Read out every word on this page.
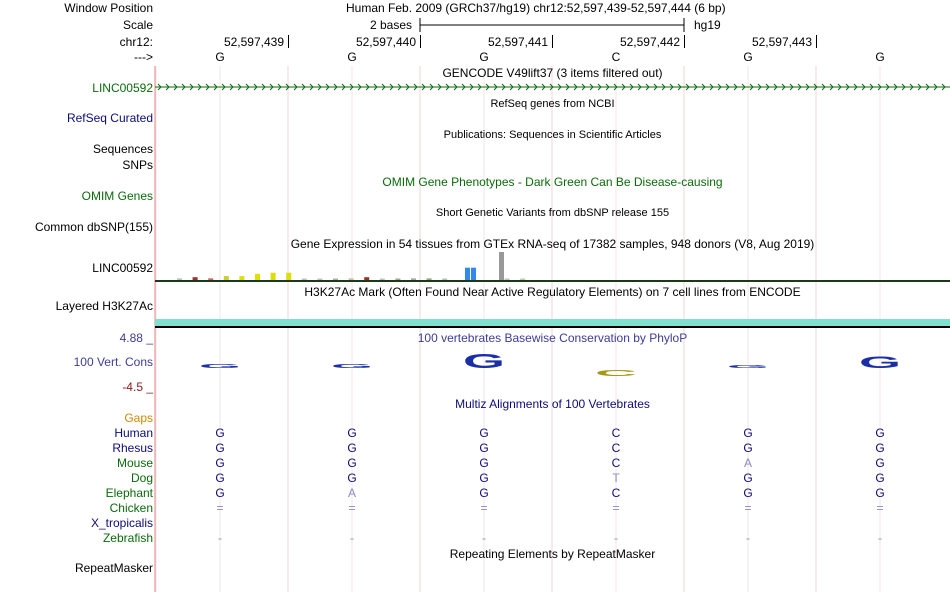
Window Position	Human Feb. 2009 (GRCh37/hg19) chr12:52,597,439-52,597,444 (6 bp)
Scale	2 bases	hg19
chr12:	52,597,439	52,597,440	52,597,441	52,597,442	52,597,443
--->	G	G	G	C	G	G
GENCODE V49lift37 (3 items filtered out)
LINC00592
RefSeq genes from NCBI
RefSeq Curated
Publications: Sequences in Scientific Articles
Sequences
SNPs
OMIM Gene Phenotypes - Dark Green Can Be Disease-causing
OMIM Genes
Short Genetic Variants from dbSNP release 155
Common dbSNP(155)
Gene Expression in 54 tissues from GTEx RNA-seq of 17382 samples, 948 donors (V8, Aug 2019)
LINC00592
H3K27Ac Mark (Often Found Near Active Regulatory Elements) on 7 cell lines from ENCODE
Layered H3K27Ac
100 vertebrates Basewise Conservation by PhyloP
4.88 _
100 Vert. Cons
-4.5 _
G	G	G
C
G	G
Multiz Alignments of 100 Vertebrates
Gaps
Human	G	G	G	C	G	G
Rhesus	G	G	G	C	G	G
Mouse	G	G	G	C	A	G
Dog	G	G	G	T	G	G
Elephant	G	A	G	C	G	G
Chicken	=	=	=	=	=	=
X_tropicalis
Zebrafish	-	-	-	-	-	-
Repeating Elements by RepeatMasker
RepeatMasker
